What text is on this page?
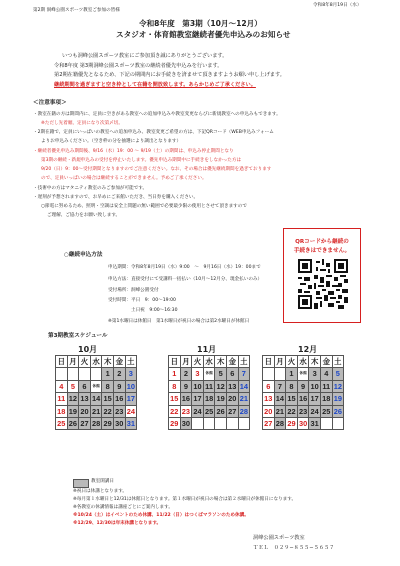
第2期 洞峰公園スポーツ教室ご参加の皆様
令和8年8月19日（水）
令和8年度　第3期（10月〜12月）
スタジオ・体育館教室継続者優先申込みのお知らせ
いつも洞峰公園スポーツ教室にご参加頂き誠にありがとうございます。
令和8年度 第3期洞峰公園スポーツ教室の継続者優先申込みを行います。
第2期在籍優先となるため、下記の期間内にお手続きを済ませて頂きますようお願い申し上げます。
継続期間を過ぎますと空き枠として在籍を開放致します。あらかじめご了承ください。
＜注意事項＞
・教室在籍の方は期間内に、定員に空きがある教室への追加申込みや教室変更ならびに新規教室への申込みもできます。
※ただし先着順、定員になり次第〆切。
・2期在籍で、定員にいっぱいの教室への追加申込み、教室変更ご希望の方は、下記QRコード（WEB申込みフォーム
よりお申込みください。（空き枠の分を抽選により調出となります）
・継続者優先申込み期間後、9/16（水）19：00 〜 9/19（土）の期間は、申込み停止期間となり
第3期の継続・新規申込みの受付を停止いたします。優先申込み期間中に手続きをしなかった方は
9/20（日）9：00〜受付期間となりますのでご注意ください。なお、その場合は優先継続期間を過ぎております
ので、定員いっぱいの場合は継続することができません。予めご了承ください。
・技術中の方はマタニティ教室のみご参加が可能です。
・遅刻が予想されますので、お早めにご来館いただき、当日券を購入ください。
○節電に努めるため、照明・空調は安全上問題の無い範囲で必要最少限の使用とさせて頂きますので
ご理解、ご協力をお願い致します。
QRコードから継続の
手続きはできません。
○継続申込方法
申込期間：令和8年8月19日（水）9:00　〜　9月16日（水）19：00まで
申込方法：直接受付にて受講料一括払い（10月〜12月分、現金払いのみ）
受付場所：洞峰公園受付
受付時間：平日　9：00〜19:00
　　　　　土日祝　9:00〜16:30
※第1水曜日は休館日　第1水曜日が祝日の場合は第2水曜日が休館日
第3期教室スケジュール
10月	11月	12月
日	月	火	水	木	金	土
				1	2	3
4	5	6	休館	8	9	10
11	12	13	14	15	16	17
18	19	20	21	22	23	24
25	26	27	28	29	30	31
日	月	火	水	木	金	土
1	2	3	休館	5	6	7
8	9	10	11	12	13	14
15	16	17	18	19	20	21
22	23	24	25	26	27	28
29	30					
日	月	火	水	木	金	土
		1	休館	3	4	5
6	7	8	9	10	11	12
13	14	15	16	17	18	19
20	21	22	23	24	25	26
27	28	29	30	31		
教室開講日
※祝日は休講となります。
※毎月第１水曜日と12/31は休館日となります。第１水曜日が祝日の場合は第２水曜日が休館日になります。
※各教室の休講情報は講座ごとにご案内します。
※10/24（土）はイベントのため休講、11/22（日）はつくばマラソンのため休講。
※12/29、12/30は年末休講となります。
洞峰公園スポーツ教室
ＴＥＬ　０２９−８５５−５６５７
